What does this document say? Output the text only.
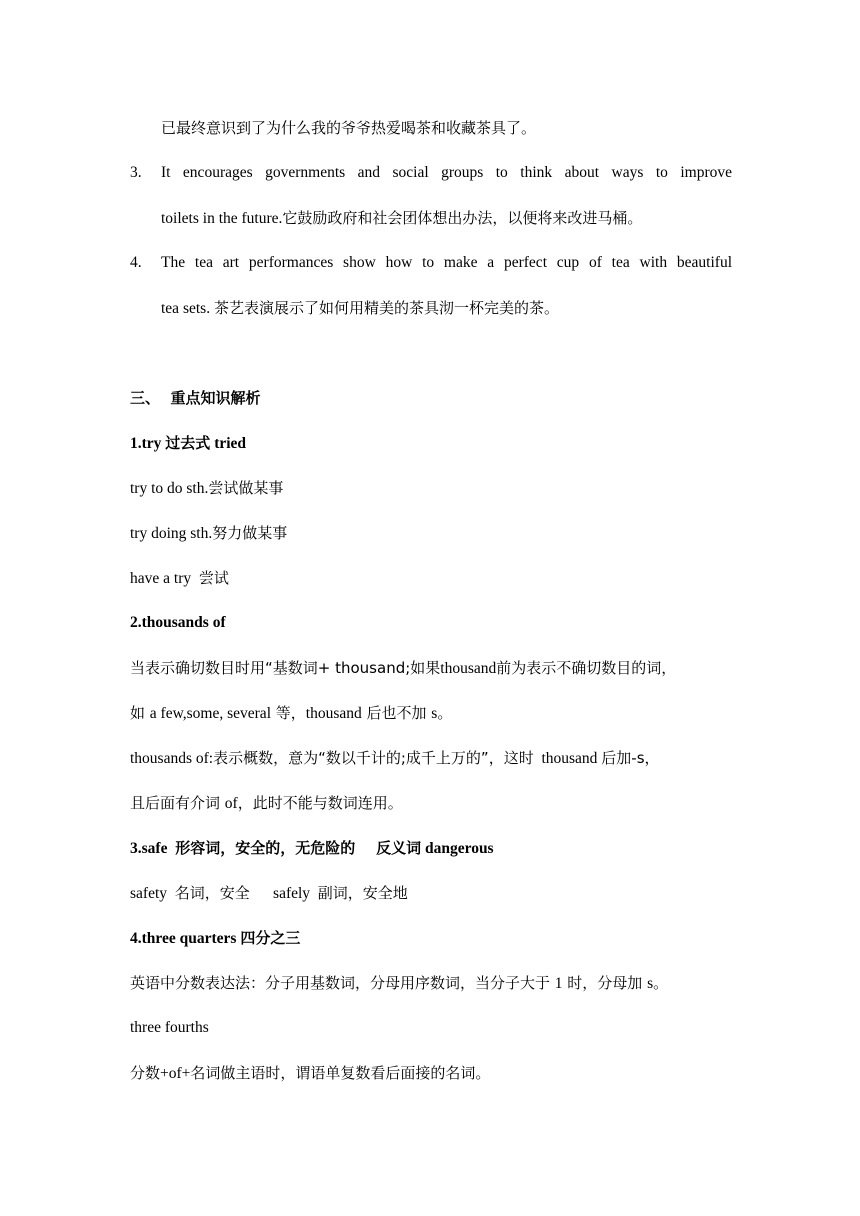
已最终意识到了为什么我的爷爷热爱喝茶和收藏茶具了。
3. It encourages governments and social groups to think about ways to improve
toilets in the future.它鼓励政府和社会团体想出办法，以便将来改进马桶。
4. The tea art performances show how to make a perfect cup of tea with beautiful
tea sets. 茶艺表演展示了如何用精美的茶具沏一杯完美的茶。
三、  重点知识解析
1.try 过去式 tried
try to do sth.尝试做某事
try doing sth.努力做某事
have a try  尝试
2.thousands of
当表示确切数目时用“基数词+ thousand;如果thousand前为表示不确切数目的词，
如 a few,some, several 等，thousand 后也不加 s。
thousands of:表示概数，意为“数以千计的;成千上万的”，这时  thousand 后加-s，
且后面有介词 of，此时不能与数词连用。
3.safe  形容词，安全的，无危险的    反义词 dangerous
safety  名词，安全      safely  副词，安全地
4.three quarters 四分之三
英语中分数表达法：分子用基数词，分母用序数词，当分子大于 1 时，分母加 s。
three fourths
分数+of+名词做主语时，谓语单复数看后面接的名词。
